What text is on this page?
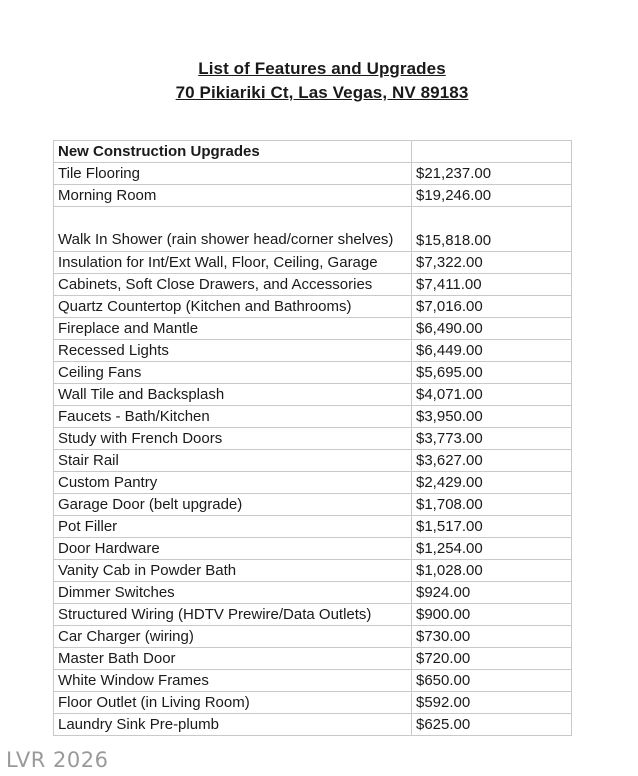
List of Features and Upgrades
70 Pikiariki Ct, Las Vegas, NV 89183
New Construction Upgrades	
Tile Flooring	$21,237.00
Morning Room	$19,246.00
Walk In Shower (rain shower head/corner shelves)	$15,818.00
Insulation for Int/Ext Wall, Floor, Ceiling, Garage	$7,322.00
Cabinets, Soft Close Drawers, and Accessories	$7,411.00
Quartz Countertop (Kitchen and Bathrooms)	$7,016.00
Fireplace and Mantle	$6,490.00
Recessed Lights	$6,449.00
Ceiling Fans	$5,695.00
Wall Tile and Backsplash	$4,071.00
Faucets - Bath/Kitchen	$3,950.00
Study with French Doors	$3,773.00
Stair Rail	$3,627.00
Custom Pantry	$2,429.00
Garage Door (belt upgrade)	$1,708.00
Pot Filler	$1,517.00
Door Hardware	$1,254.00
Vanity Cab in Powder Bath	$1,028.00
Dimmer Switches	$924.00
Structured Wiring (HDTV Prewire/Data Outlets)	$900.00
Car Charger (wiring)	$730.00
Master Bath Door	$720.00
White Window Frames	$650.00
Floor Outlet (in Living Room)	$592.00
Laundry Sink Pre-plumb	$625.00
LVR 2026
